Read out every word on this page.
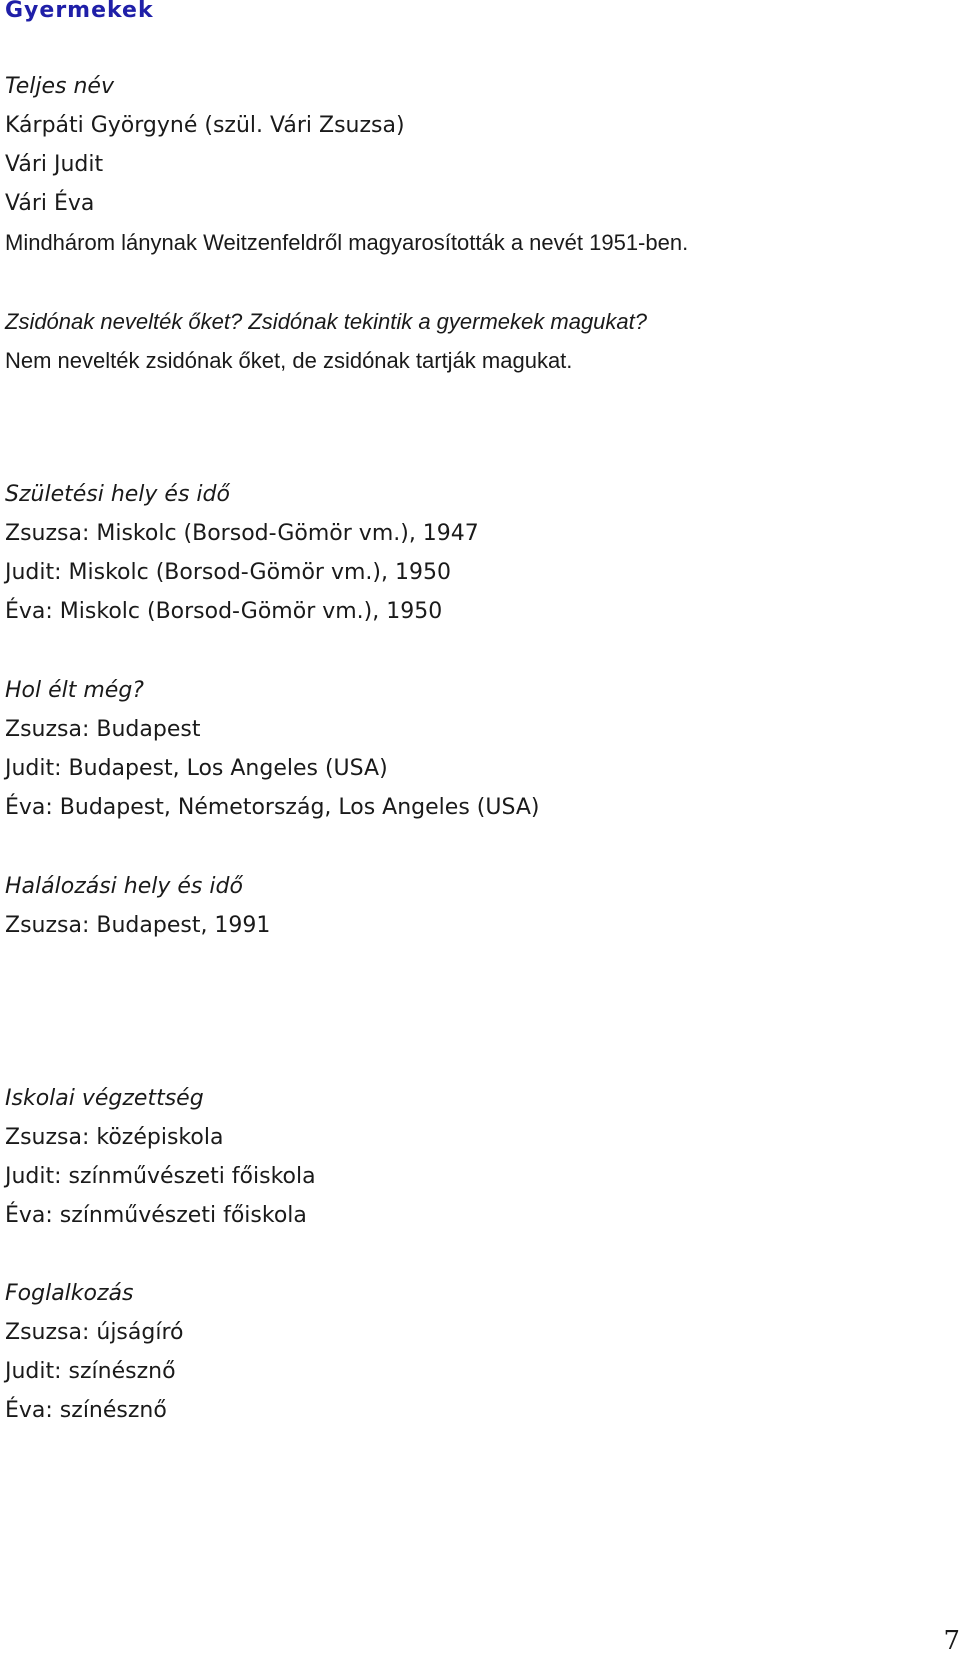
Gyermekek
Teljes név
Kárpáti Györgyné (szül. Vári Zsuzsa)
Vári Judit
Vári Éva
Mindhárom lánynak Weitzenfeldről magyarosították a nevét 1951-ben.
Zsidónak nevelték őket? Zsidónak tekintik a gyermekek magukat?
Nem nevelték zsidónak őket, de zsidónak tartják magukat.
Születési hely és idő
Zsuzsa: Miskolc (Borsod-Gömör vm.), 1947
Judit: Miskolc (Borsod-Gömör vm.), 1950
Éva: Miskolc (Borsod-Gömör vm.), 1950
Hol élt még?
Zsuzsa: Budapest
Judit: Budapest, Los Angeles (USA)
Éva: Budapest, Németország, Los Angeles (USA)
Halálozási hely és idő
Zsuzsa: Budapest, 1991
Iskolai végzettség
Zsuzsa: középiskola
Judit: színművészeti főiskola
Éva: színművészeti főiskola
Foglalkozás
Zsuzsa: újságíró
Judit: színésznő
Éva: színésznő
7
